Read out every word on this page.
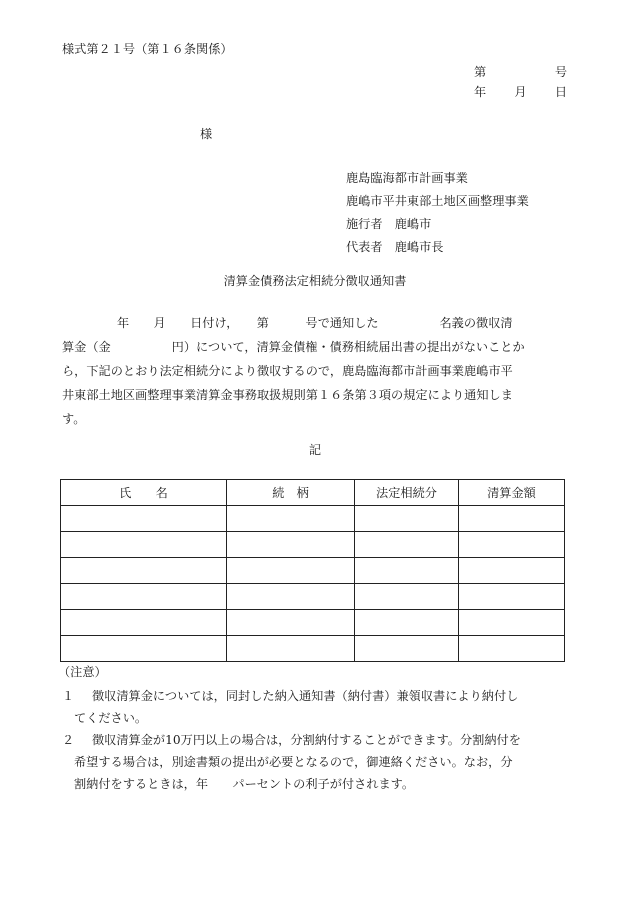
様式第２１号（第１６条関係）
第	号
年 月 日
様
鹿島臨海都市計画事業
鹿嶋市平井東部土地区画整理事業
施行者　鹿嶋市
代表者　鹿嶋市長
清算金債務法定相続分徴収通知書
年　　月　　日付け，　　第　　　号で通知した　　　　　名義の徴収清
算金（金　　　　　円）について，清算金債権・債務相続届出書の提出がないことか
ら，下記のとおり法定相続分により徴収するので，鹿島臨海都市計画事業鹿嶋市平
井東部土地区画整理事業清算金事務取扱規則第１６条第３項の規定により通知しま
す。
記
氏　　名	続　柄	法定相続分	清算金額

（注意）
１ 徴収清算金については，同封した納入通知書（納付書）兼領収書により納付し
てください。
２ 徴収清算金が10万円以上の場合は，分割納付することができます。分割納付を
希望する場合は，別途書類の提出が必要となるので，御連絡ください。なお，分
割納付をするときは，年　　パーセントの利子が付されます。
